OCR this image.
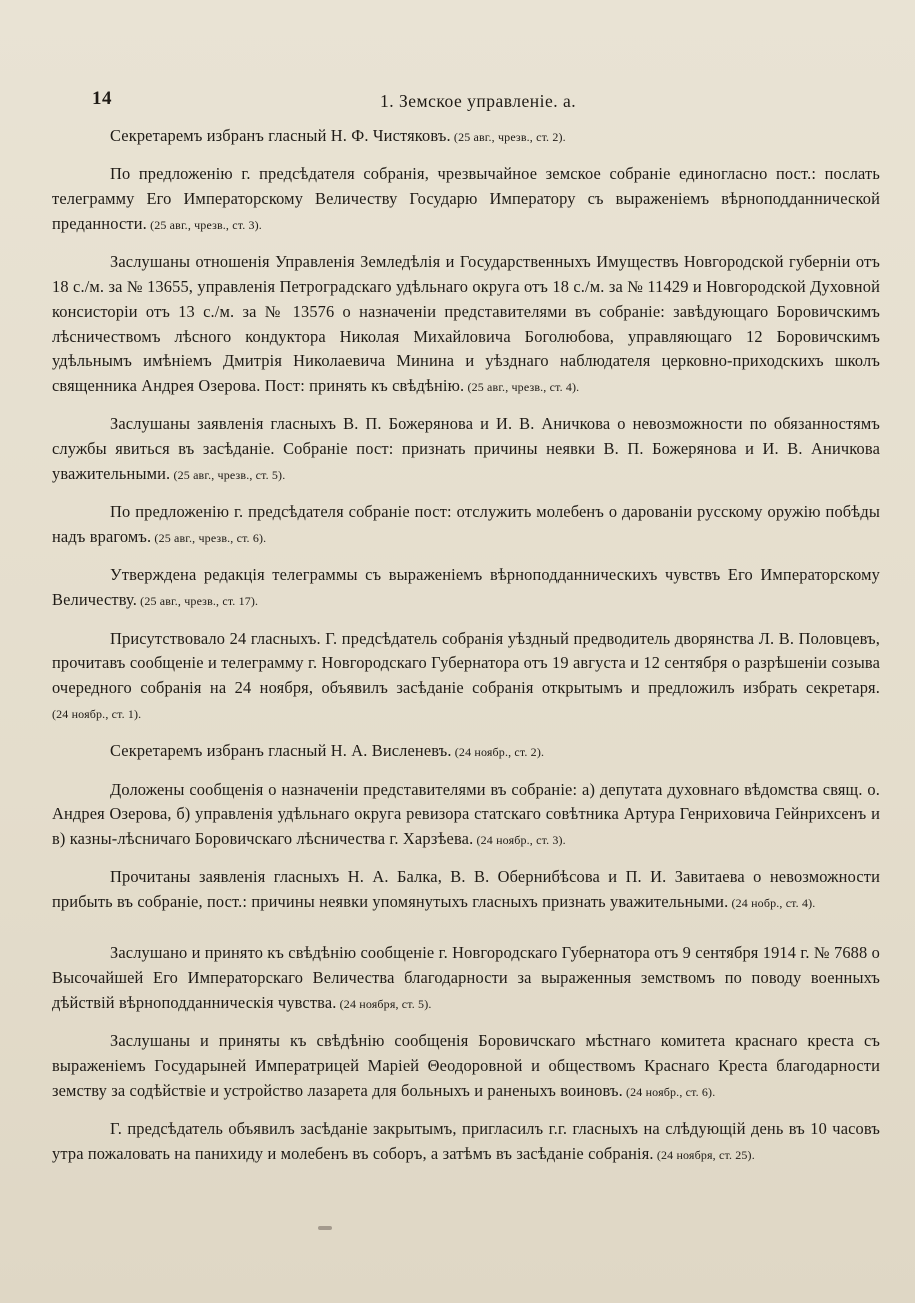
14	1. Земское управленіе. а.

Секретаремъ избранъ гласный Н. Ф. Чистяковъ. (25 авг., чрезв., ст. 2).

По предложенію г. предсѣдателя собранія, чрезвычайное земское собраніе единогласно пост.: послать телеграмму Его Императорскому Величеству Государю Императору съ выраженіемъ вѣрноподданнической преданности. (25 авг., чрезв., ст. 3).

Заслушаны отношенія Управленія Земледѣлія и Государственныхъ Имуществъ Новгородской губерніи отъ 18 с./м. за № 13655, управленія Петроградскаго удѣльнаго округа отъ 18 с./м. за № 11429 и Новгородской Духовной консисторіи отъ 13 с./м. за № 13576 о назначеніи представителями въ собраніе: завѣдующаго Боровичскимъ лѣсничествомъ лѣсного кондуктора Николая Михайловича Боголюбова, управляющаго 12 Боровичскимъ удѣльнымъ имѣніемъ Дмитрія Николаевича Минина и уѣзднаго наблюдателя церковно-приходскихъ школъ священника Андрея Озерова. Пост: принять къ свѣдѣнію. (25 авг., чрезв., ст. 4).

Заслушаны заявленія гласныхъ В. П. Божерянова и И. В. Аничкова о невозможности по обязанностямъ службы явиться въ засѣданіе. Собраніе пост: признать причины неявки В. П. Божерянова и И. В. Аничкова уважительными. (25 авг., чрезв., ст. 5).

По предложенію г. предсѣдателя собраніе пост: отслужить молебенъ о дарованіи русскому оружію побѣды надъ врагомъ. (25 авг., чрезв., ст. 6).

Утверждена редакція телеграммы съ выраженіемъ вѣрноподданническихъ чувствъ Его Императорскому Величеству. (25 авг., чрезв., ст. 17).

Присутствовало 24 гласныхъ. Г. предсѣдатель собранія уѣздный предводитель дворянства Л. В. Половцевъ, прочитавъ сообщеніе и телеграмму г. Новгородскаго Губернатора отъ 19 августа и 12 сентября о разрѣшеніи созыва очередного собранія на 24 ноября, объявилъ засѣданіе собранія открытымъ и предложилъ избрать секретаря.(24 ноябр., ст. 1).

Секретаремъ избранъ гласный Н. А. Висленевъ. (24 ноябр., ст. 2).

Доложены сообщенія о назначеніи представителями въ собраніе: а) депутата духовнаго вѣдомства свящ. о. Андрея Озерова, б) управленія удѣльнаго округа ревизора статскаго совѣтника Артура Генриховича Гейнрихсенъ и в) казны-лѣсничаго Боровичскаго лѣсничества г. Харзѣева. (24 ноябр., ст. 3).

Прочитаны заявленія гласныхъ Н. А. Балка, В. В. Обернибѣсова и П. И. Завитаева о невозможности прибыть въ собраніе, пост.: причины неявки упомянутыхъ гласныхъ признать уважительными. (24 нобр., ст. 4).

Заслушано и принято къ свѣдѣнію сообщеніе г. Новгородскаго Губернатора отъ 9 сентября 1914 г. № 7688 о Высочайшей Его Императорскаго Величества благодарности за выраженныя земствомъ по поводу военныхъ дѣйствій вѣрноподданническія чувства. (24 ноября, ст. 5).

Заслушаны и приняты къ свѣдѣнію сообщенія Боровичскаго мѣстнаго комитета краснаго креста съ выраженіемъ Государыней Императрицей Маріей Θеодоровной и обществомъ Краснаго Креста благодарности земству за содѣйствіе и устройство лазарета для больныхъ и раненыхъ воиновъ. (24 ноябр., ст. 6).

Г. предсѣдатель объявилъ засѣданіе закрытымъ, пригласилъ г.г. гласныхъ на слѣдующій день въ 10 часовъ утра пожаловать на панихиду и молебенъ въ соборъ, а затѣмъ въ засѣданіе собранія. (24 ноября, ст. 25).
